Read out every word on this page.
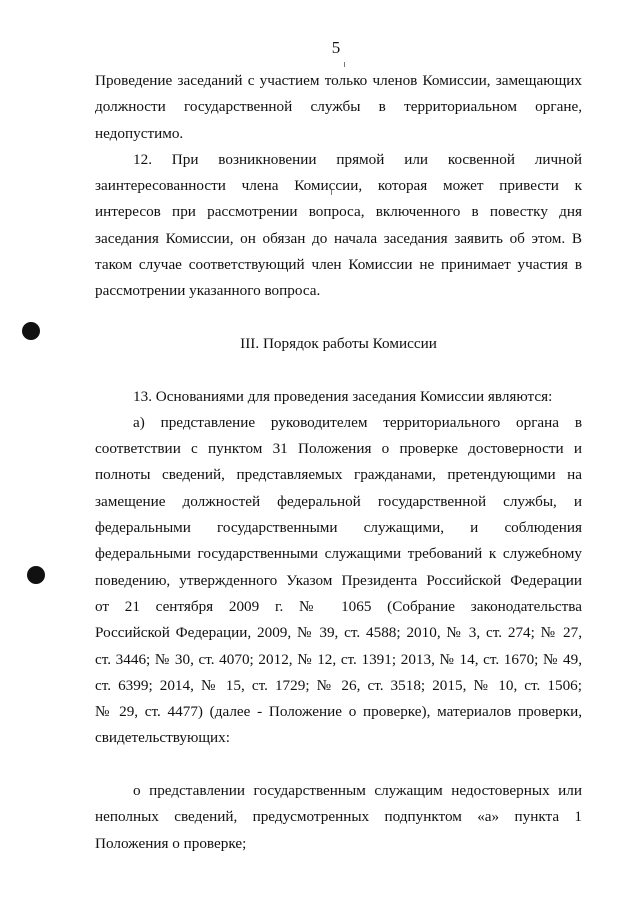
5
Проведение заседаний с участием только членов Комиссии, замещающих
должности государственной службы в территориальном органе,
недопустимо.
12. При возникновении прямой или косвенной личной
заинтересованности члена Комиссии, которая может привести к
интересов при рассмотрении вопроса, включенного в повестку дня
заседания Комиссии, он обязан до начала заседания заявить об этом. В
таком случае соответствующий член Комиссии не принимает участия в
рассмотрении указанного вопроса.
III. Порядок работы Комиссии
13. Основаниями для проведения заседания Комиссии являются:
а) представление руководителем территориального органа в
соответствии с пунктом 31 Положения о проверке достоверности и
полноты сведений, представляемых гражданами, претендующими на
замещение должностей федеральной государственной службы, и
федеральными государственными служащими, и соблюдения
федеральными государственными служащими требований к служебному
поведению, утвержденного Указом Президента Российской Федерации
от 21 сентября 2009 г. № 1065 (Собрание законодательства
Российской Федерации, 2009, № 39, ст. 4588; 2010, № 3, ст. 274; № 27,
ст. 3446; № 30, ст. 4070; 2012, № 12, ст. 1391; 2013, № 14, ст. 1670; № 49,
ст. 6399; 2014, № 15, ст. 1729; № 26, ст. 3518; 2015, № 10, ст. 1506;
№ 29, ст. 4477) (далее - Положение о проверке), материалов проверки,
свидетельствующих:
о представлении государственным служащим недостоверных или
неполных сведений, предусмотренных подпунктом «а» пункта 1
Положения о проверке;
